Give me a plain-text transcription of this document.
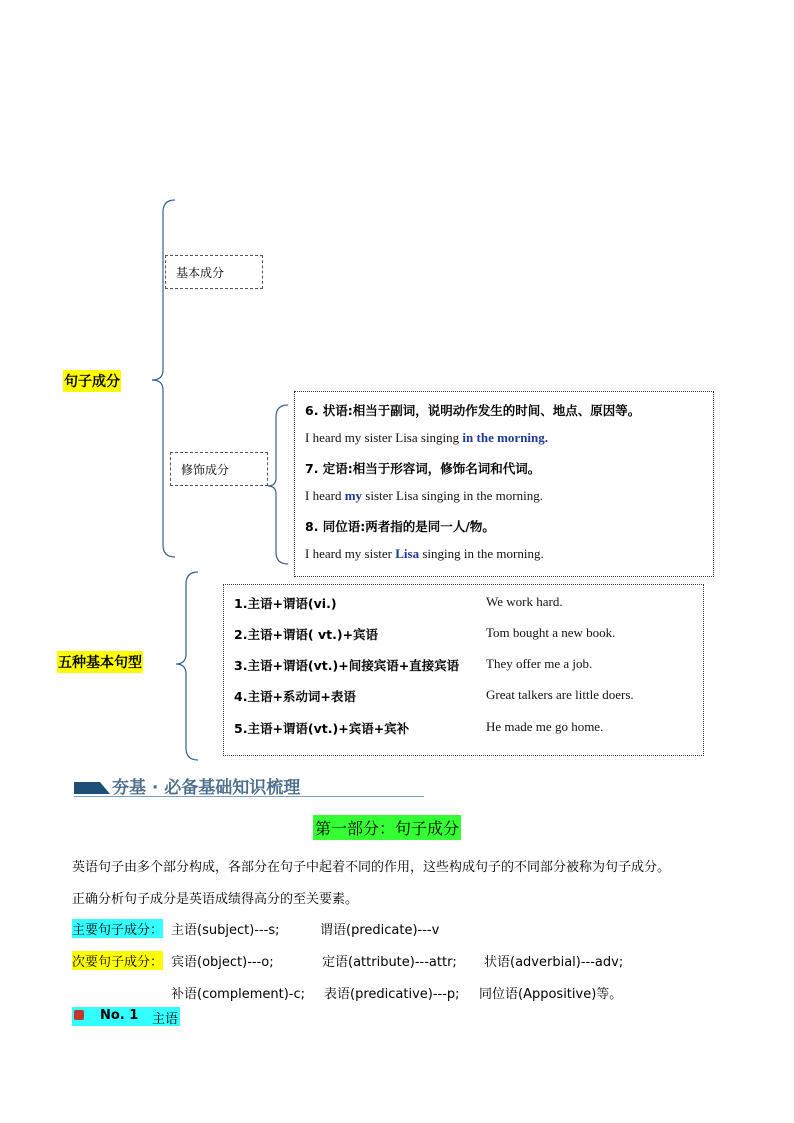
句子成分
基本成分
修饰成分
6. 状语:相当于副词，说明动作发生的时间、地点、原因等。
I heard my sister Lisa singing in the morning.
7. 定语:相当于形容词，修饰名词和代词。
I heard my sister Lisa singing in the morning.
8. 同位语:两者指的是同一人/物。
I heard my sister Lisa singing in the morning.
五种基本句型
1.主语+谓语(vi.)	We work hard.
2.主语+谓语( vt.)+宾语	Tom bought a new book.
3.主语+谓语(vt.)+间接宾语+直接宾语 They offer me a job.
4.主语+系动词+表语	Great talkers are little doers.
5.主语+谓语(vt.)+宾语+宾补	He made me go home.
夯基 · 必备基础知识梳理
第一部分：句子成分
英语句子由多个部分构成，各部分在句子中起着不同的作用，这些构成句子的不同部分被称为句子成分。
正确分析句子成分是英语成绩得高分的至关要素。
主要句子成分： 主语(subject)---s;	谓语(predicate)---v
次要句子成分： 宾语(object)---o;	定语(attribute)---attr; 状语(adverbial)---adv;
补语(complement)-c; 表语(predicative)---p; 同位语(Appositive)等。
No. 1 主语
